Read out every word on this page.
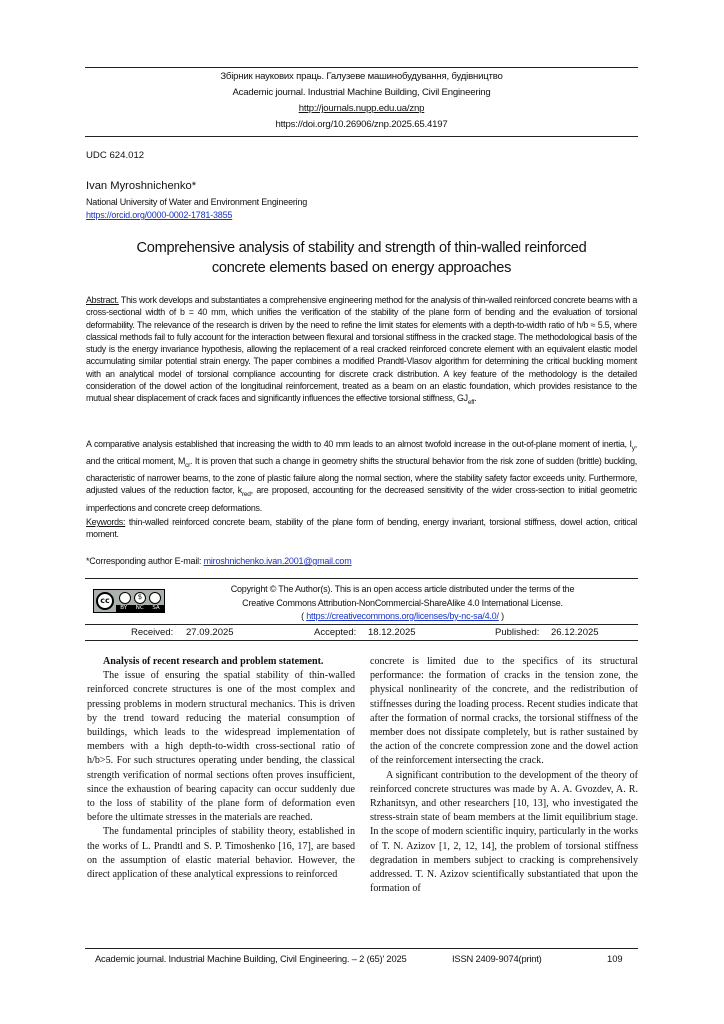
Збірник наукових праць. Галузеве машинобудування, будівництво
Academic journal. Industrial Machine Building, Civil Engineering
http://journals.nupp.edu.ua/znp
https://doi.org/10.26906/znp.2025.65.4197
UDC 624.012
Ivan Myroshnichenko*
National University of Water and Environment Engineering
https://orcid.org/0000-0002-1781-3855
Comprehensive analysis of stability and strength of thin-walled reinforced
concrete elements based on energy approaches
Abstract. This work develops and substantiates a comprehensive engineering method for the analysis of thin-walled reinforced concrete beams with a cross-sectional width of b = 40 mm, which unifies the verification of the stability of the plane form of bending and the evaluation of torsional deformability. The relevance of the research is driven by the need to refine the limit states for elements with a depth-to-width ratio of h/b ≈ 5.5, where classical methods fail to fully account for the interaction between flexural and torsional stiffness in the cracked stage. The methodological basis of the study is the energy invariance hypothesis, allowing the replacement of a real cracked reinforced concrete element with an equivalent elastic model accumulating similar potential strain energy. The paper combines a modified Prandtl-Vlasov algorithm for determining the critical buckling moment with an analytical model of torsional compliance accounting for discrete crack distribution. A key feature of the methodology is the detailed consideration of the dowel action of the longitudinal reinforcement, treated as a beam on an elastic foundation, which provides resistance to the mutual shear displacement of crack faces and significantly influences the effective torsional stiffness, $GJ_{eff}$.
A comparative analysis established that increasing the width to 40 mm leads to an almost twofold increase in the out-of-plane moment of inertia, $I_y$, and the critical moment, $M_{cr}$. It is proven that such a change in geometry shifts the structural behavior from the risk zone of sudden (brittle) buckling, characteristic of narrower beams, to the zone of plastic failure along the normal section, where the stability safety factor exceeds unity. Furthermore, adjusted values of the reduction factor, $k_{red}$, are proposed, accounting for the decreased sensitivity of the wider cross-section to initial geometric imperfections and concrete creep deformations.
Keywords: thin-walled reinforced concrete beam, stability of the plane form of bending, energy invariant, torsional stiffness, dowel action, critical moment.
*Corresponding author E-mail: miroshnichenko.ivan.2001@gmail.com
cc	$
BY NC SA
Copyright © The Author(s). This is an open access article distributed under the terms of the
Creative Commons Attribution-NonCommercial-ShareAlike 4.0 International License.
( https://creativecommons.org/licenses/by-nc-sa/4.0/ )
Received: 27.09.2025	Accepted: 18.12.2025	Published: 26.12.2025

Analysis of recent research and problem statement.

The issue of ensuring the spatial stability of thin-walled reinforced concrete structures is one of the most complex and pressing problems in modern structural mechanics. This is driven by the trend toward reducing the material consumption of buildings, which leads to the widespread implementation of members with a high depth-to-width cross-sectional ratio of h/b>5. For such structures operating under bending, the classical strength verification of normal sections often proves insufficient, since the exhaustion of bearing capacity can occur suddenly due to the loss of stability of the plane form of deformation even before the ultimate stresses in the materials are reached.

The fundamental principles of stability theory, established in the works of L. Prandtl and S. P. Timoshenko [16, 17], are based on the assumption of elastic material behavior. However, the direct application of these analytical expressions to reinforced

concrete is limited due to the specifics of its structural performance: the formation of cracks in the tension zone, the physical nonlinearity of the concrete, and the redistribution of stiffnesses during the loading process. Recent studies indicate that after the formation of normal cracks, the torsional stiffness of the member does not dissipate completely, but is rather sustained by the action of the concrete compression zone and the dowel action of the reinforcement intersecting the crack.

A significant contribution to the development of the theory of reinforced concrete structures was made by A. A. Gvozdev, A. R. Rzhanitsyn, and other researchers [10, 13], who investigated the stress-strain state of beam members at the limit equilibrium stage. In the scope of modern scientific inquiry, particularly in the works of T. N. Azizov [1, 2, 12, 14], the problem of torsional stiffness degradation in members subject to cracking is comprehensively addressed. T. N. Azizov scientifically substantiated that upon the formation of

Academic journal. Industrial Machine Building, Civil Engineering. – 2 (65)' 2025	ISSN 2409-9074(print)	109
